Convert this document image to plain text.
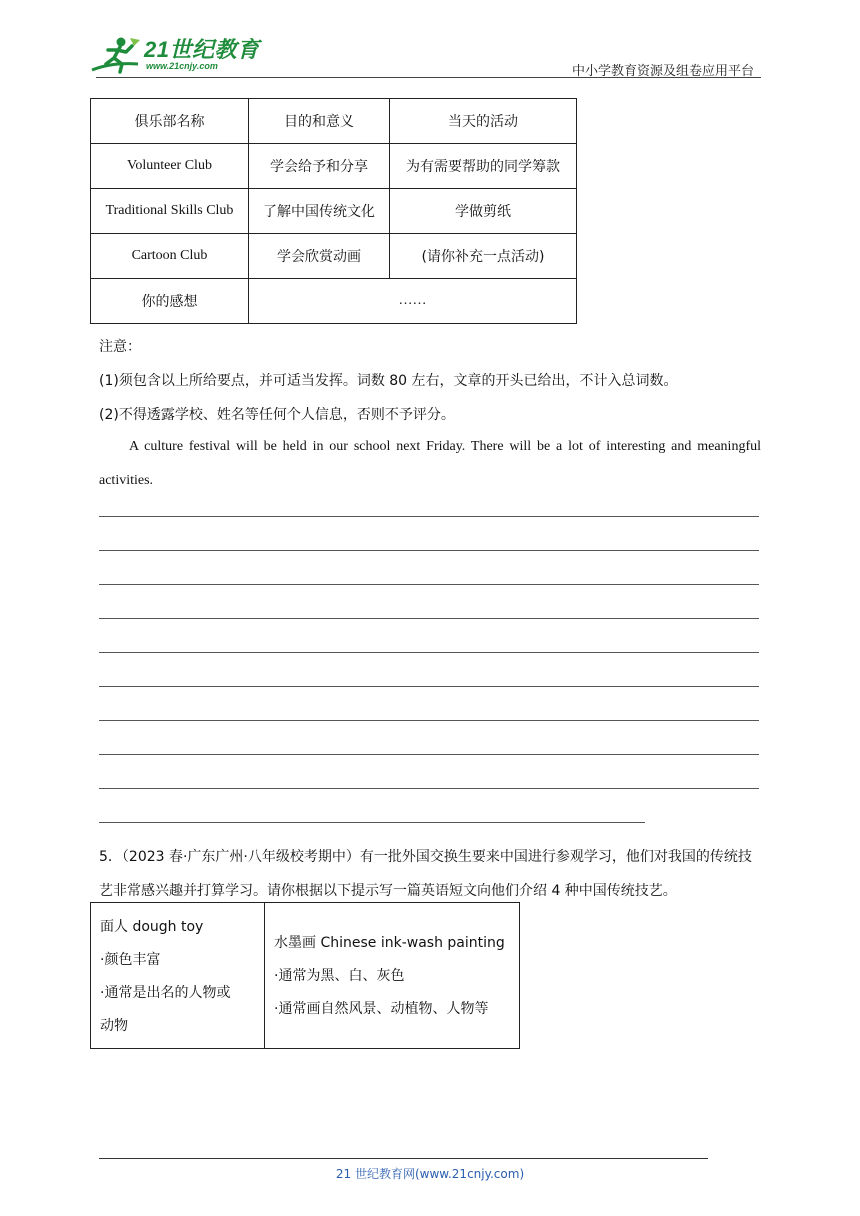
21世纪教育
www.21cnjy.com	中小学教育资源及组卷应用平台
俱乐部名称	目的和意义	当天的活动
Volunteer Club	学会给予和分享	为有需要帮助的同学筹款
Traditional Skills Club	了解中国传统文化	学做剪纸
Cartoon Club	学会欣赏动画	(请你补充一点活动)
你的感想	……	
注意：
(1)须包含以上所给要点，并可适当发挥。词数 80 左右，文章的开头已给出，不计入总词数。
(2)不得透露学校、姓名等任何个人信息，否则不予评分。
A culture festival will be held in our school next Friday. There will be a lot of interesting and meaningful activities.
5．（2023 春·广东广州·八年级校考期中）有一批外国交换生要来中国进行参观学习，他们对我国的传统技艺非常感兴趣并打算学习。请你根据以下提示写一篇英语短文向他们介绍 4 种中国传统技艺。
面人 dough toy
·颜色丰富
·通常是出名的人物或
动物

水墨画 Chinese ink-wash painting
·通常为黑、白、灰色
·通常画自然风景、动植物、人物等
21 世纪教育网(www.21cnjy.com)
